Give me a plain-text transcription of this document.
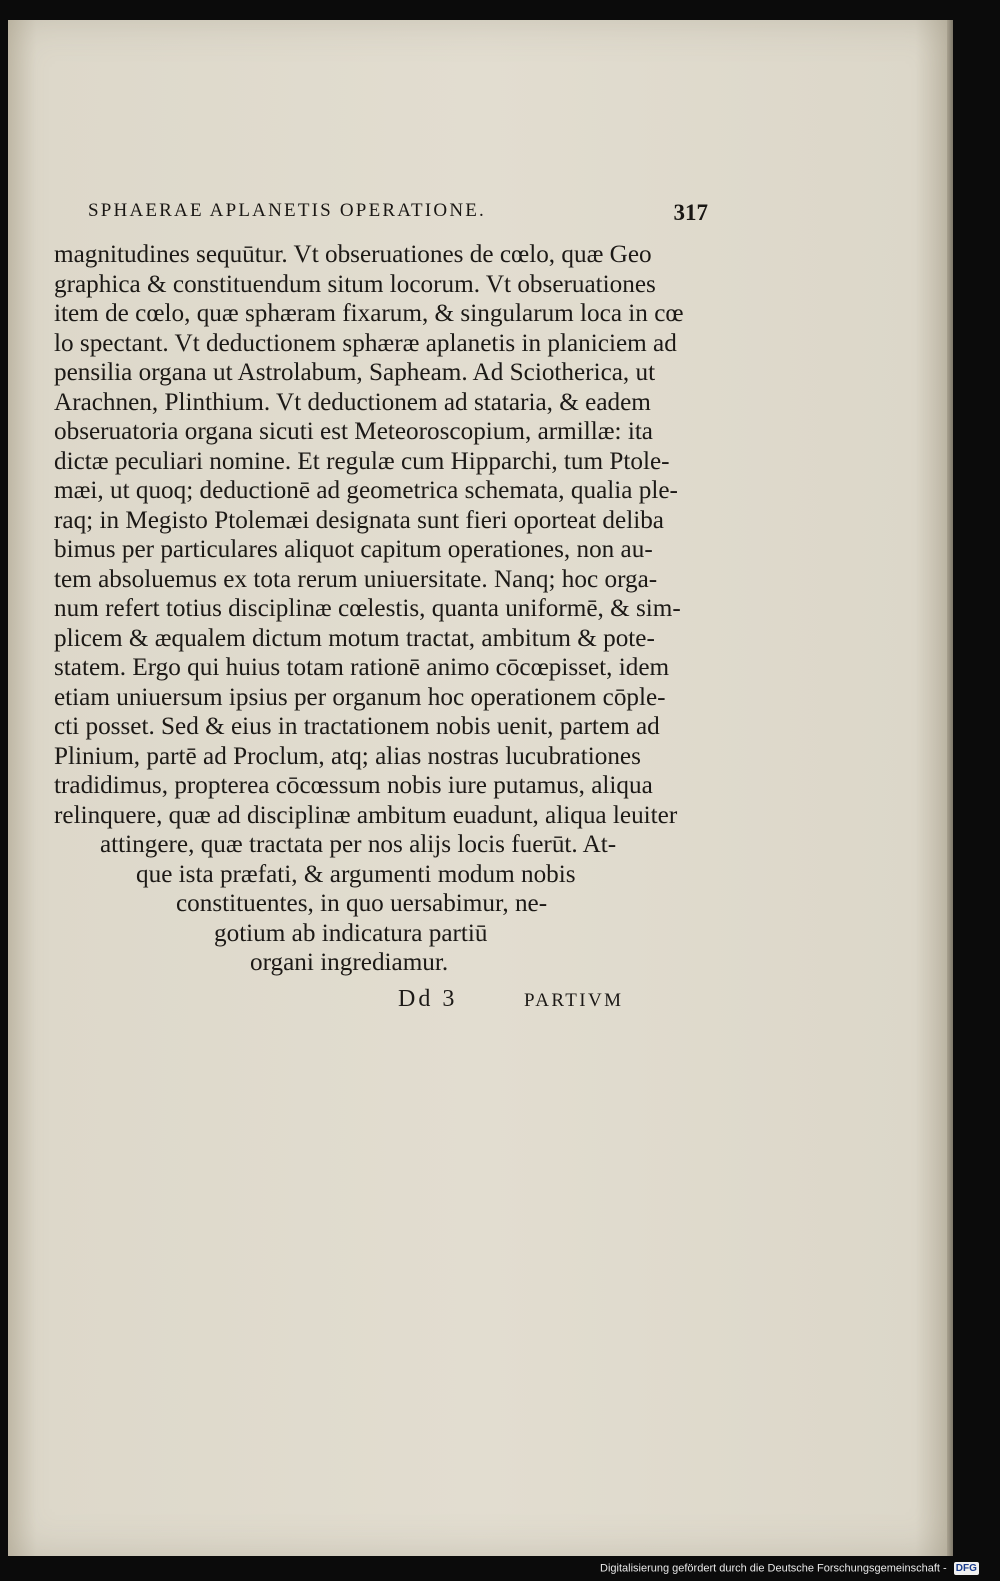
SPHAERAE APLANETIS OPERATIONE.	317
magnitudines sequūtur. Vt obseruationes de cœlo, quæ Geo
graphica & constituendum situm locorum. Vt obseruationes
item de cœlo, quæ sphæram fixarum, & singularum loca in cœ
lo spectant. Vt deductionem sphæræ aplanetis in planiciem ad
pensilia organa ut Astrolabum, Sapheam. Ad Sciotherica, ut
Arachnen, Plinthium. Vt deductionem ad stataria, & eadem
obseruatoria organa sicuti est Meteoroscopium, armillæ: ita
dictæ peculiari nomine. Et regulæ cum Hipparchi, tum Ptole-
mæi, ut quoq; deductionē ad geometrica schemata, qualia ple-
raq; in Megisto Ptolemæi designata sunt fieri oporteat deliba
bimus per particulares aliquot capitum operationes, non au-
tem absoluemus ex tota rerum uniuersitate. Nanq; hoc orga-
num refert totius disciplinæ cœlestis, quanta uniformē, & sim-
plicem & æqualem dictum motum tractat, ambitum & pote-
statem. Ergo qui huius totam rationē animo cōcœpisset, idem
etiam uniuersum ipsius per organum hoc operationem cōple-
cti posset. Sed & eius in tractationem nobis uenit, partem ad
Plinium, partē ad Proclum, atq; alias nostras lucubrationes
tradidimus, propterea cōcœssum nobis iure putamus, aliqua
relinquere, quæ ad disciplinæ ambitum euadunt, aliqua leuiter
attingere, quæ tractata per nos alijs locis fuerūt. At-
que ista præfati, & argumenti modum nobis
constituentes, in quo uersabimur, ne-
gotium ab indicatura partiū
organi ingrediamur.
Dd 3	PARTIVM
Digitalisierung gefördert durch die Deutsche Forschungsgemeinschaft - DFG
